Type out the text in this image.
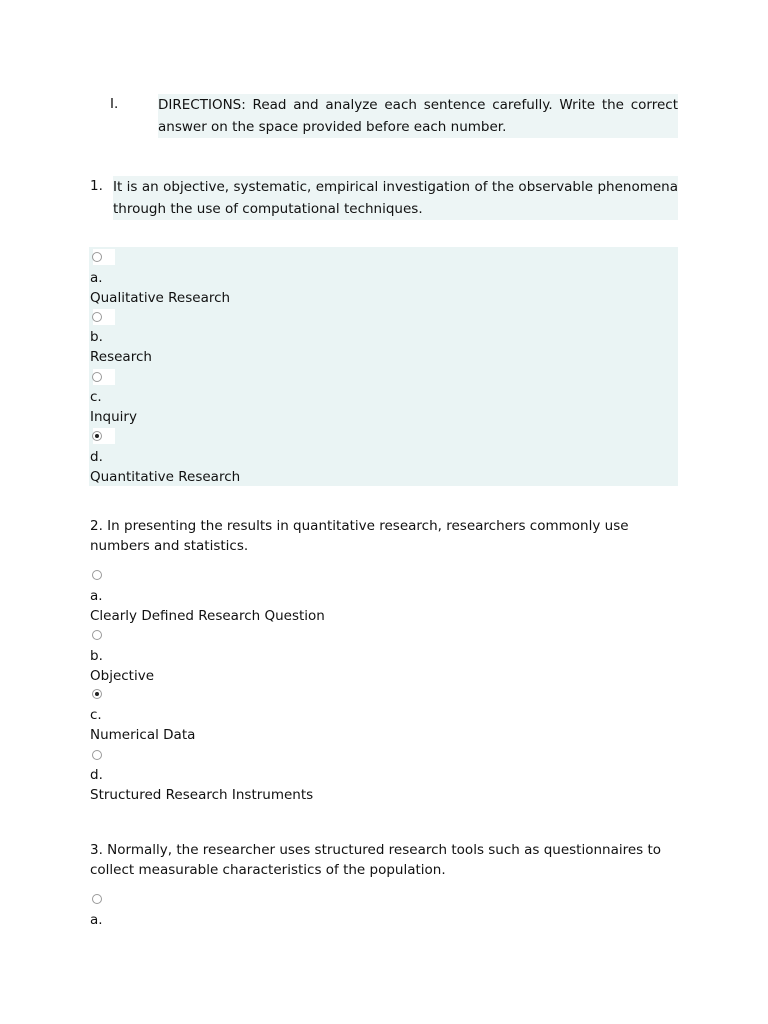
I.	DIRECTIONS: Read and analyze each sentence carefully. Write the correct answer on the space provided before each number.
1. It is an objective, systematic, empirical investigation of the observable phenomena through the use of computational techniques.
a.
Qualitative Research
b.
Research
c.
Inquiry
d.
Quantitative Research
2. In presenting the results in quantitative research, researchers commonly use numbers and statistics.
a.
Clearly Defined Research Question
b.
Objective
c.
Numerical Data
d.
Structured Research Instruments
3. Normally, the researcher uses structured research tools such as questionnaires to collect measurable characteristics of the population.
a.
